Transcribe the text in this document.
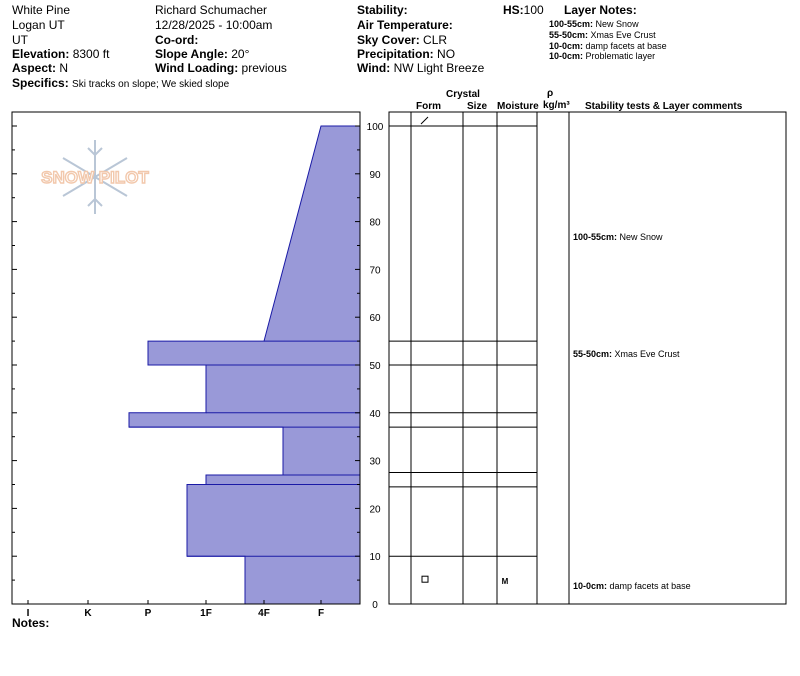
White Pine
Logan UT
UT
Elevation: 8300 ft
Aspect: N
Specifics: Ski tracks on slope; We skied slope
Richard Schumacher
12/28/2025 - 10:00am
Co-ord:
Slope Angle: 20°
Wind Loading: previous
Stability:
Air Temperature:
Sky Cover: CLR
Precipitation: NO
Wind: NW Light Breeze
HS:100 Layer Notes:
100-55cm: New Snow
55-50cm: Xmas Eve Crust
10-0cm: damp facets at base
10-0cm: Problematic layer
Crystal
Form	Size Moisture
ρ
kg/m³ Stability tests & Layer comments
Notes:
SNOW PILOT
0
10
20
30
40
50
60
70
80
90
100
I	K	P	1F	4F	F
M
100-55cm: New Snow
55-50cm: Xmas Eve Crust
10-0cm: damp facets at base
